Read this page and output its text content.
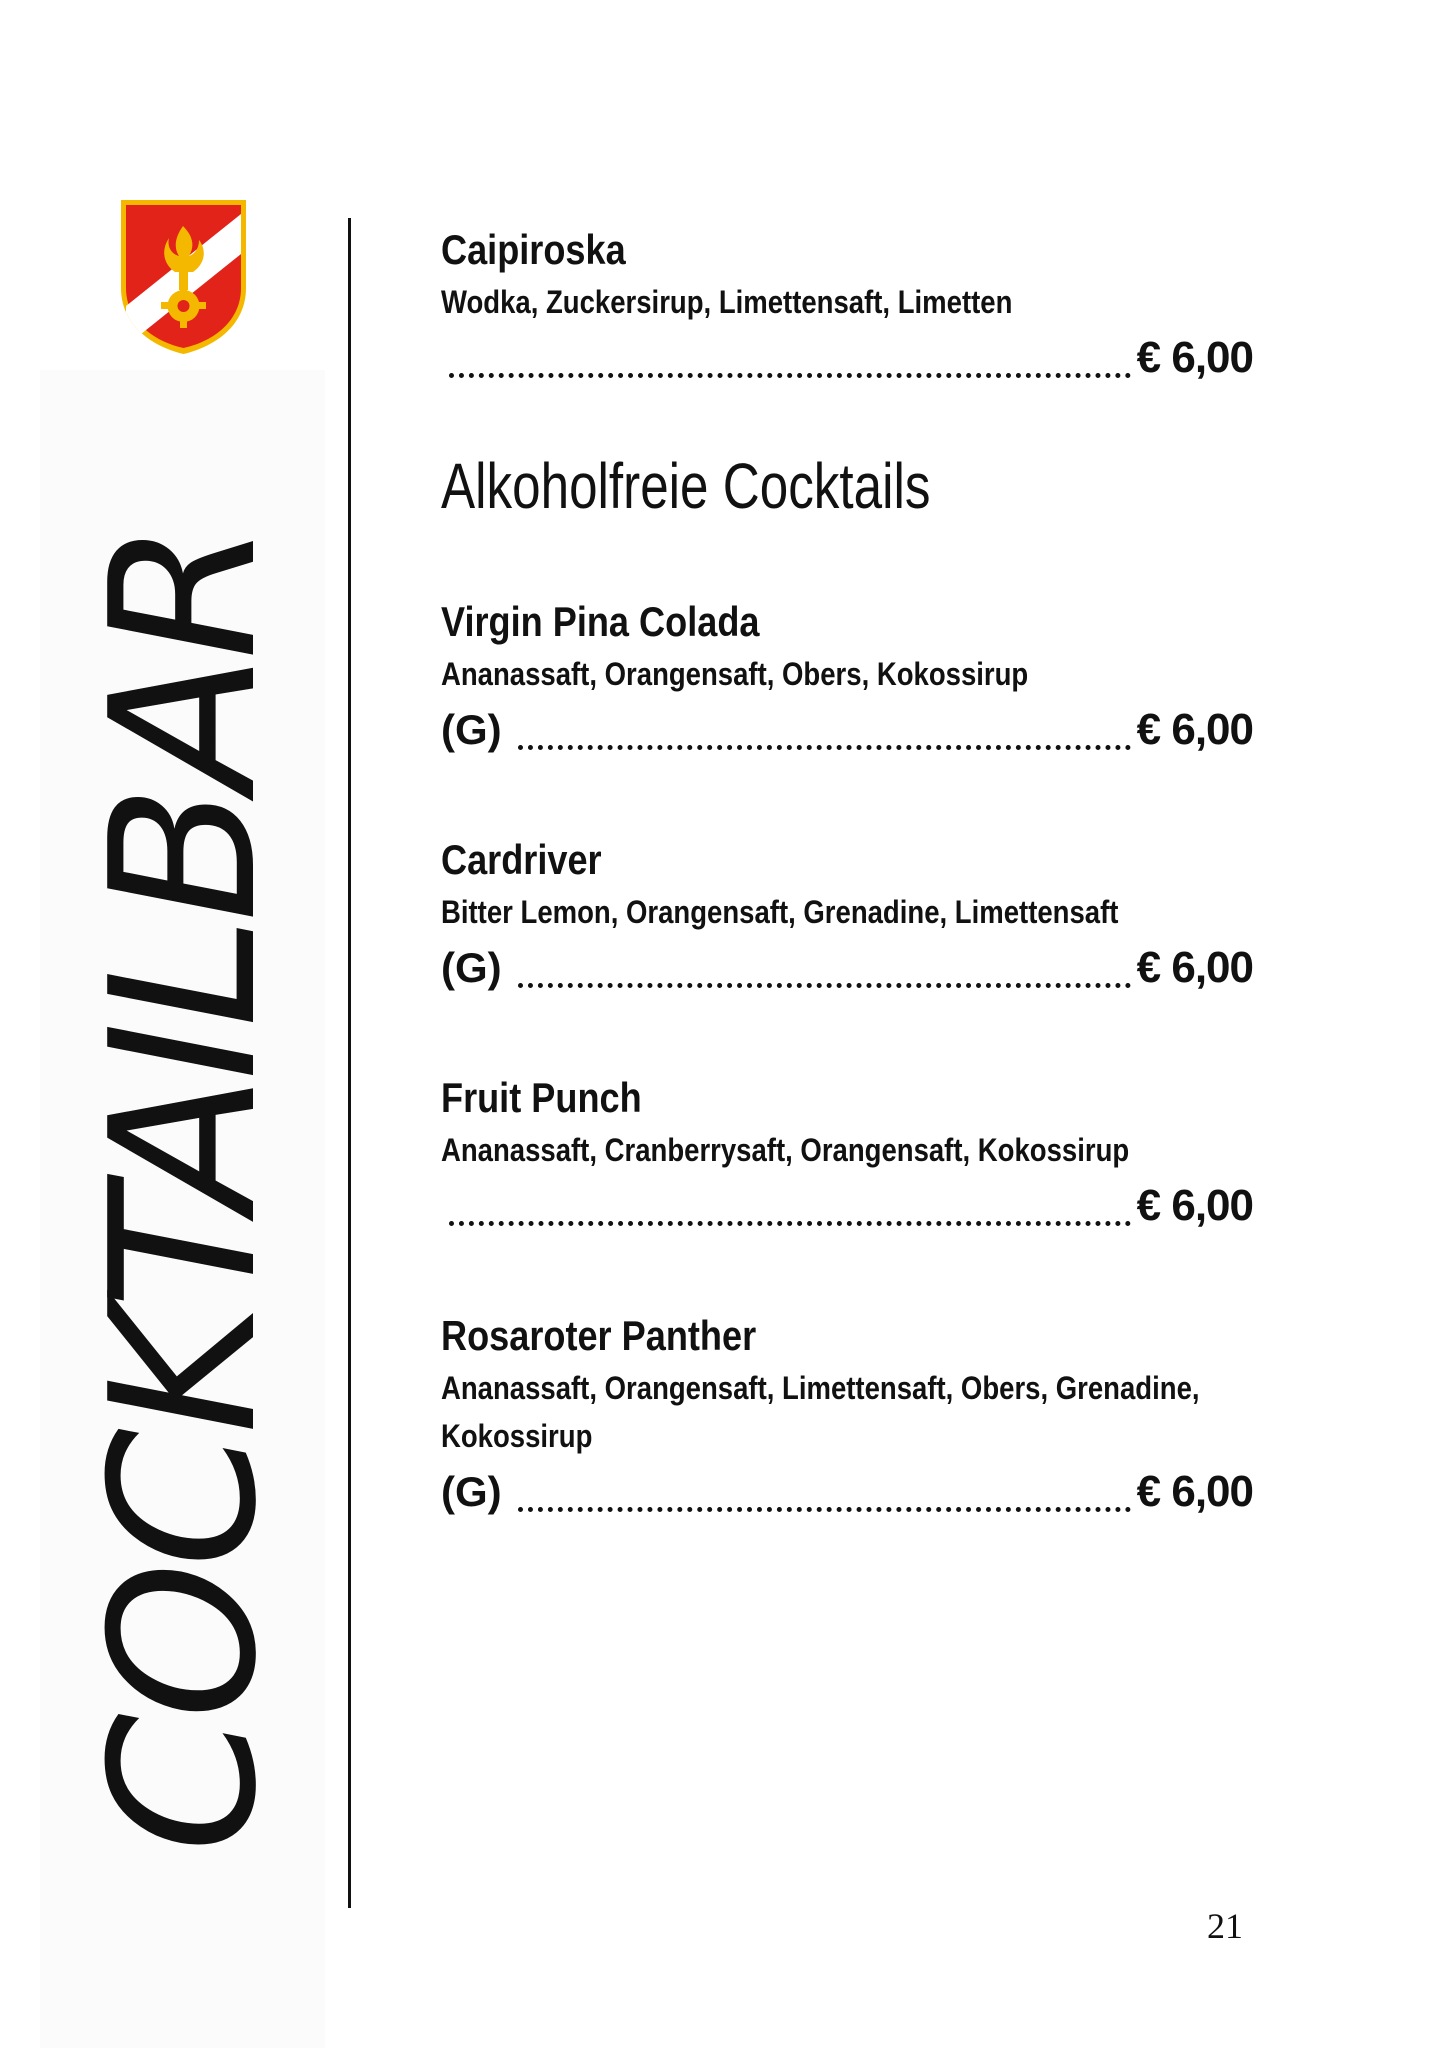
COCKTAILBAR
Caipiroska
Wodka, Zuckersirup, Limettensaft, Limetten
€ 6,00
Alkoholfreie Cocktails
Virgin Pina Colada
Ananassaft, Orangensaft, Obers, Kokossirup
(G)	€ 6,00
Cardriver
Bitter Lemon, Orangensaft, Grenadine, Limettensaft
(G)	€ 6,00
Fruit Punch
Ananassaft, Cranberrysaft, Orangensaft, Kokossirup
€ 6,00
Rosaroter Panther
Ananassaft, Orangensaft, Limettensaft, Obers, Grenadine, Kokossirup
(G)	€ 6,00
21
